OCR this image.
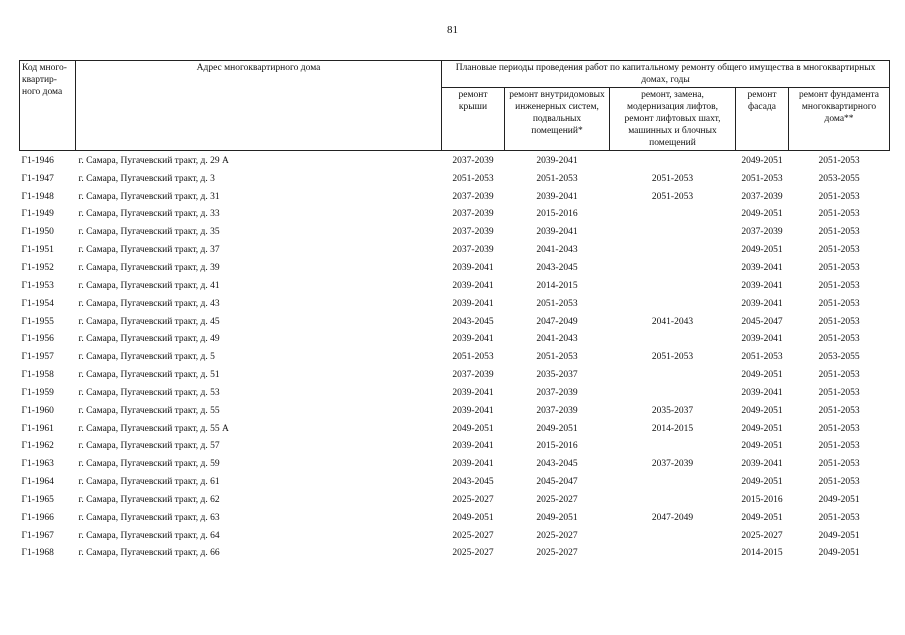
81
Код много-квартир-ного дома	Адрес многоквартирного дома	Плановые периоды проведения работ по капитальному ремонту общего имущества в многоквартирных домах, годы				
		ремонт крыши	ремонт внутридомовых инженерных систем, подвальных помещений*	ремонт, замена, модернизация лифтов, ремонт лифтовых шахт, машинных и блочных помещений	ремонт фасада	ремонт фундамента многоквартирного дома**
Г1-1946	г. Самара, Пугачевский тракт, д. 29 А	2037-2039	2039-2041		2049-2051	2051-2053
Г1-1947	г. Самара, Пугачевский тракт, д. 3	2051-2053	2051-2053	2051-2053	2051-2053	2053-2055
Г1-1948	г. Самара, Пугачевский тракт, д. 31	2037-2039	2039-2041	2051-2053	2037-2039	2051-2053
Г1-1949	г. Самара, Пугачевский тракт, д. 33	2037-2039	2015-2016		2049-2051	2051-2053
Г1-1950	г. Самара, Пугачевский тракт, д. 35	2037-2039	2039-2041		2037-2039	2051-2053
Г1-1951	г. Самара, Пугачевский тракт, д. 37	2037-2039	2041-2043		2049-2051	2051-2053
Г1-1952	г. Самара, Пугачевский тракт, д. 39	2039-2041	2043-2045		2039-2041	2051-2053
Г1-1953	г. Самара, Пугачевский тракт, д. 41	2039-2041	2014-2015		2039-2041	2051-2053
Г1-1954	г. Самара, Пугачевский тракт, д. 43	2039-2041	2051-2053		2039-2041	2051-2053
Г1-1955	г. Самара, Пугачевский тракт, д. 45	2043-2045	2047-2049	2041-2043	2045-2047	2051-2053
Г1-1956	г. Самара, Пугачевский тракт, д. 49	2039-2041	2041-2043		2039-2041	2051-2053
Г1-1957	г. Самара, Пугачевский тракт, д. 5	2051-2053	2051-2053	2051-2053	2051-2053	2053-2055
Г1-1958	г. Самара, Пугачевский тракт, д. 51	2037-2039	2035-2037		2049-2051	2051-2053
Г1-1959	г. Самара, Пугачевский тракт, д. 53	2039-2041	2037-2039		2039-2041	2051-2053
Г1-1960	г. Самара, Пугачевский тракт, д. 55	2039-2041	2037-2039	2035-2037	2049-2051	2051-2053
Г1-1961	г. Самара, Пугачевский тракт, д. 55 А	2049-2051	2049-2051	2014-2015	2049-2051	2051-2053
Г1-1962	г. Самара, Пугачевский тракт, д. 57	2039-2041	2015-2016		2049-2051	2051-2053
Г1-1963	г. Самара, Пугачевский тракт, д. 59	2039-2041	2043-2045	2037-2039	2039-2041	2051-2053
Г1-1964	г. Самара, Пугачевский тракт, д. 61	2043-2045	2045-2047		2049-2051	2051-2053
Г1-1965	г. Самара, Пугачевский тракт, д. 62	2025-2027	2025-2027		2015-2016	2049-2051
Г1-1966	г. Самара, Пугачевский тракт, д. 63	2049-2051	2049-2051	2047-2049	2049-2051	2051-2053
Г1-1967	г. Самара, Пугачевский тракт, д. 64	2025-2027	2025-2027		2025-2027	2049-2051
Г1-1968	г. Самара, Пугачевский тракт, д. 66	2025-2027	2025-2027		2014-2015	2049-2051
